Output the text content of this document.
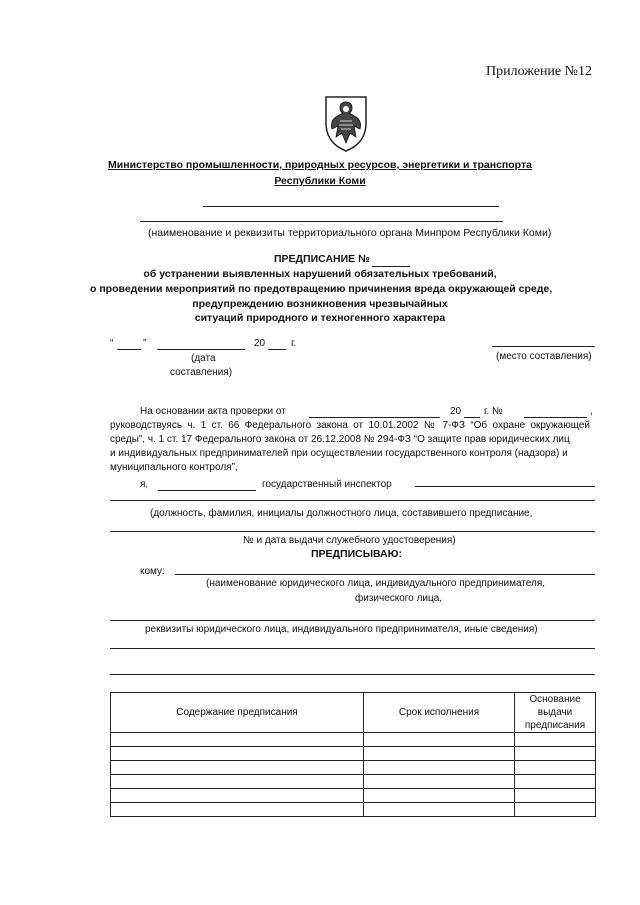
Приложение №12
Министерство промышленности, природных ресурсов, энергетики и транспорта Республики Коми
(наименование и реквизиты территориального органа Минпром Республики Коми)
ПРЕДПИСАНИЕ №
об устранении выявленных нарушений обязательных требований,
о проведении мероприятий по предотвращению причинения вреда окружающей среде,
предупреждению возникновения чрезвычайных
ситуаций природного и техногенного характера
“	”	20	г.
(дата
составления)
(место составления)
На основании акта проверки от	20 г. №	,
руководствуясь ч. 1 ст. 66 Федерального закона от 10.01.2002 № 7-ФЗ “Об охране окружающей
среды”, ч. 1 ст. 17 Федерального закона от 26.12.2008 № 294-ФЗ “О защите прав юридических лиц
и индивидуальных предпринимателей при осуществлении государственного контроля (надзора) и
муниципального контроля”,
я,	государственный инспектор
(должность, фамилия, инициалы должностного лица, составившего предписание,
№ и дата выдачи служебного удостоверения)
ПРЕДПИСЫВАЮ:
кому:
(наименование юридического лица, индивидуального предпринимателя,
физического лица,
реквизиты юридического лица, индивидуального предпринимателя, иные сведения)
Содержание предписания	Срок исполнения	Основание выдачи предписания
